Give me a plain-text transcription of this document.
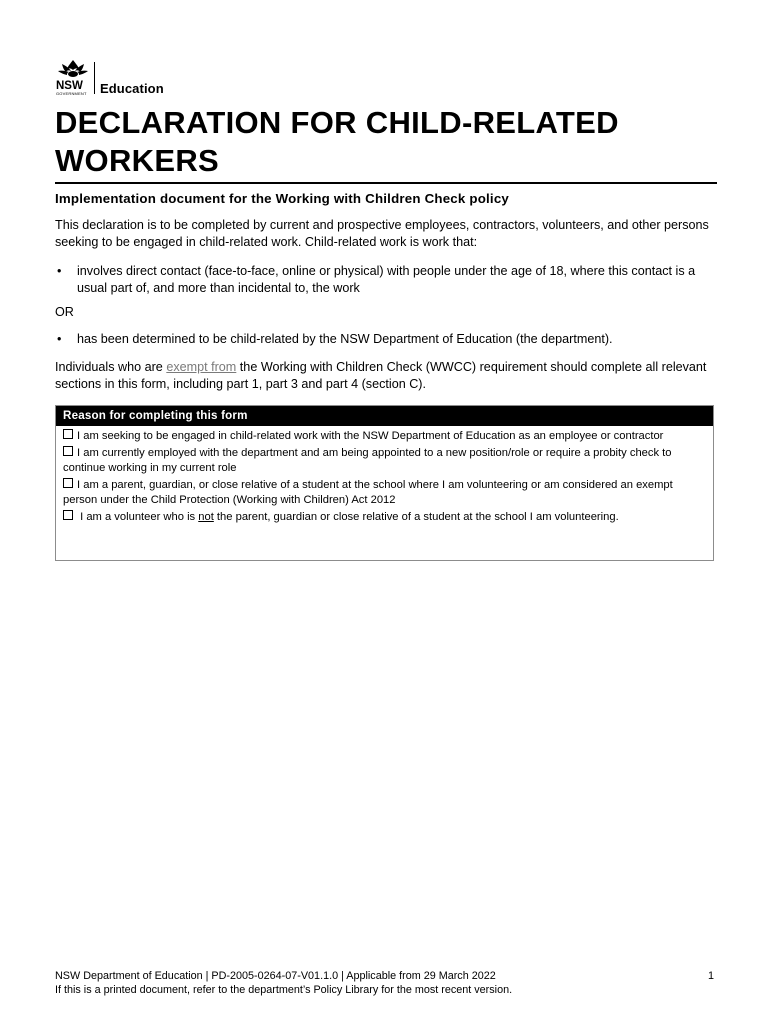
NSW
GOVERNMENT Education
DECLARATION FOR CHILD-RELATED WORKERS
Implementation document for the Working with Children Check policy

This declaration is to be completed by current and prospective employees, contractors, volunteers, and other persons seeking to be engaged in child-related work. Child-related work is work that:

• involves direct contact (face-to-face, online or physical) with people under the age of 18, where this contact is a usual part of, and more than incidental to, the work

OR

• has been determined to be child-related by the NSW Department of Education (the department).

Individuals who are exempt from the Working with Children Check (WWCC) requirement should complete all relevant sections in this form, including part 1, part 3 and part 4 (section C).

Reason for completing this form
I am seeking to be engaged in child-related work with the NSW Department of Education as an employee or contractor
I am currently employed with the department and am being appointed to a new position/role or require a probity check to continue working in my current role
I am a parent, guardian, or close relative of a student at the school where I am volunteering or am considered an exempt person under the Child Protection (Working with Children) Act 2012
I am a volunteer who is not the parent, guardian or close relative of a student at the school I am volunteering.
NSW Department of Education | PD-2005-0264-07-V01.1.0 | Applicable from 29 March 2022
If this is a printed document, refer to the department’s Policy Library for the most recent version.
1
